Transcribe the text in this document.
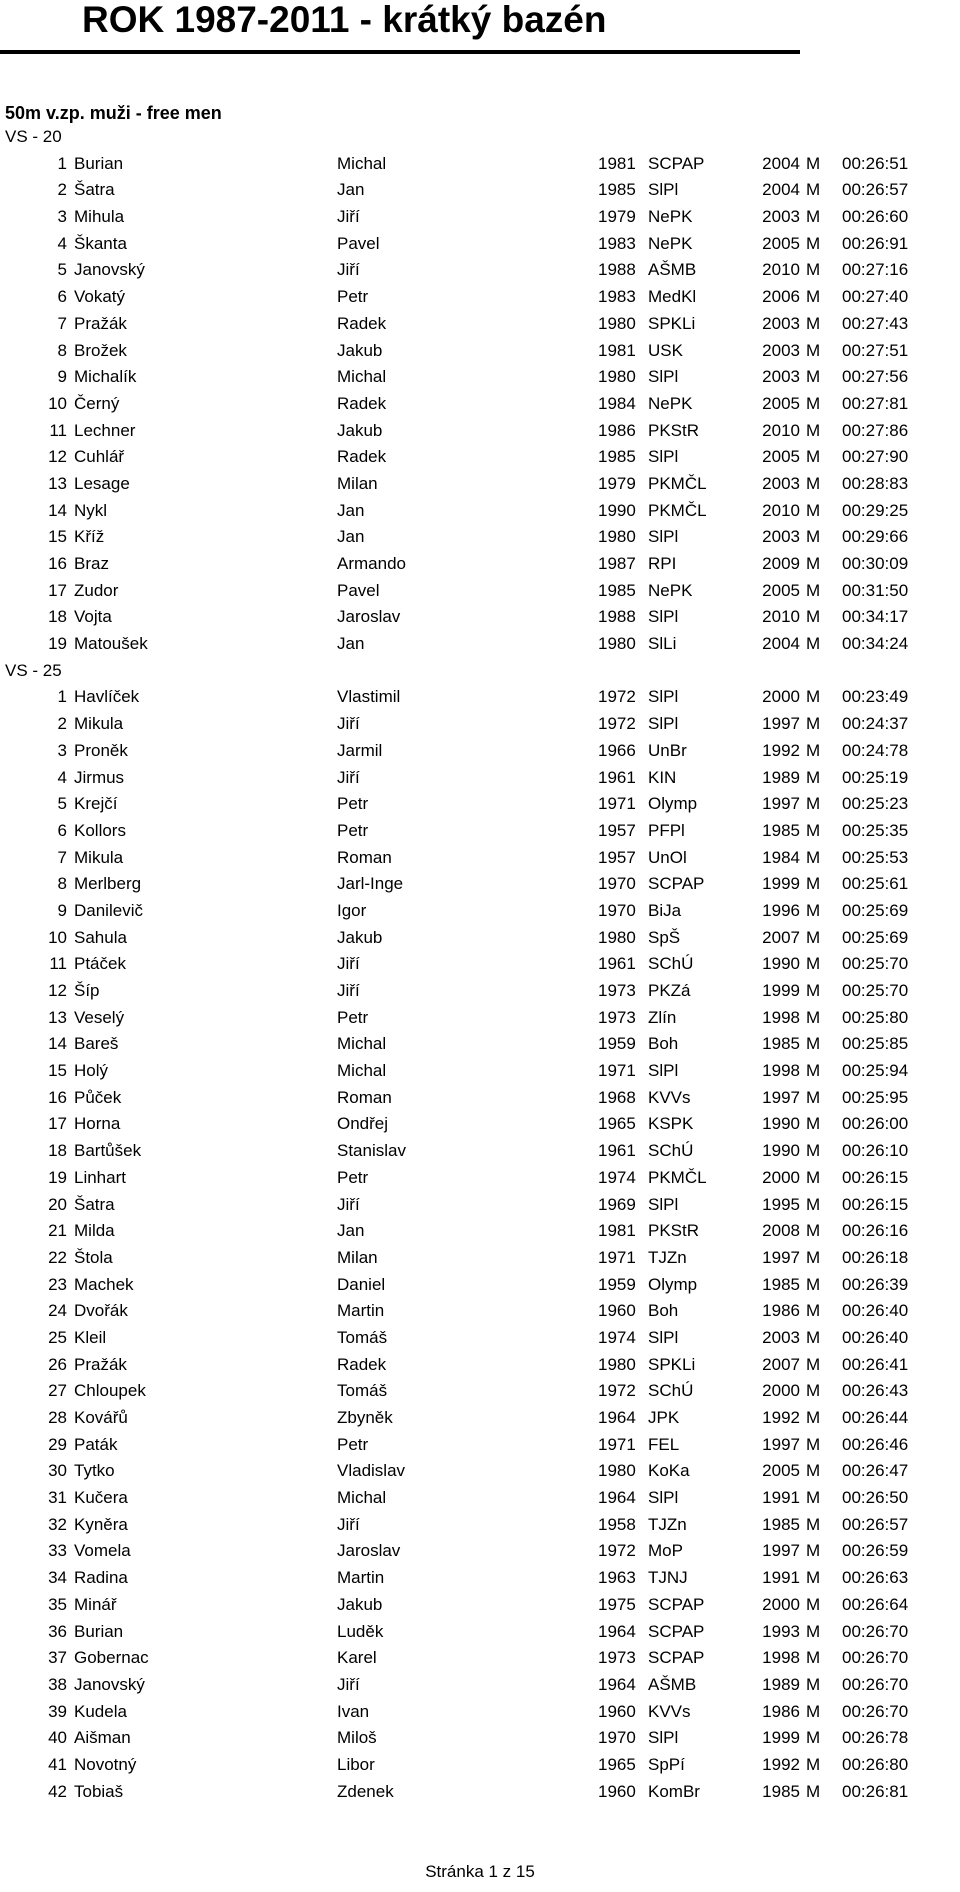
ROK 1987-2011 - krátký bazén
50m v.zp. muži - free men
VS - 20
1 Burian	Michal	1981 SCPAP	2004 M 00:26:51
2 Šatra	Jan	1985 SlPl	2004 M 00:26:57
3 Mihula	Jiří	1979 NePK	2003 M 00:26:60
4 Škanta	Pavel	1983 NePK	2005 M 00:26:91
5 Janovský	Jiří	1988 AŠMB	2010 M 00:27:16
6 Vokatý	Petr	1983 MedKl	2006 M 00:27:40
7 Pražák	Radek	1980 SPKLi	2003 M 00:27:43
8 Brožek	Jakub	1981 USK	2003 M 00:27:51
9 Michalík	Michal	1980 SlPl	2003 M 00:27:56
10 Černý	Radek	1984 NePK	2005 M 00:27:81
11 Lechner	Jakub	1986 PKStR	2010 M 00:27:86
12 Cuhlář	Radek	1985 SlPl	2005 M 00:27:90
13 Lesage	Milan	1979 PKMČL	2003 M 00:28:83
14 Nykl	Jan	1990 PKMČL	2010 M 00:29:25
15 Kříž	Jan	1980 SlPl	2003 M 00:29:66
16 Braz	Armando	1987 RPI	2009 M 00:30:09
17 Zudor	Pavel	1985 NePK	2005 M 00:31:50
18 Vojta	Jaroslav	1988 SlPl	2010 M 00:34:17
19 Matoušek	Jan	1980 SlLi	2004 M 00:34:24
VS - 25
1 Havlíček	Vlastimil	1972 SlPl	2000 M 00:23:49
2 Mikula	Jiří	1972 SlPl	1997 M 00:24:37
3 Proněk	Jarmil	1966 UnBr	1992 M 00:24:78
4 Jirmus	Jiří	1961 KIN	1989 M 00:25:19
5 Krejčí	Petr	1971 Olymp	1997 M 00:25:23
6 Kollors	Petr	1957 PFPl	1985 M 00:25:35
7 Mikula	Roman	1957 UnOl	1984 M 00:25:53
8 Merlberg	Jarl-Inge	1970 SCPAP	1999 M 00:25:61
9 Danilevič	Igor	1970 BiJa	1996 M 00:25:69
10 Sahula	Jakub	1980 SpŠ	2007 M 00:25:69
11 Ptáček	Jiří	1961 SChÚ	1990 M 00:25:70
12 Šíp	Jiří	1973 PKZá	1999 M 00:25:70
13 Veselý	Petr	1973 Zlín	1998 M 00:25:80
14 Bareš	Michal	1959 Boh	1985 M 00:25:85
15 Holý	Michal	1971 SlPl	1998 M 00:25:94
16 Půček	Roman	1968 KVVs	1997 M 00:25:95
17 Horna	Ondřej	1965 KSPK	1990 M 00:26:00
18 Bartůšek	Stanislav	1961 SChÚ	1990 M 00:26:10
19 Linhart	Petr	1974 PKMČL	2000 M 00:26:15
20 Šatra	Jiří	1969 SlPl	1995 M 00:26:15
21 Milda	Jan	1981 PKStR	2008 M 00:26:16
22 Štola	Milan	1971 TJZn	1997 M 00:26:18
23 Machek	Daniel	1959 Olymp	1985 M 00:26:39
24 Dvořák	Martin	1960 Boh	1986 M 00:26:40
25 Kleil	Tomáš	1974 SlPl	2003 M 00:26:40
26 Pražák	Radek	1980 SPKLi	2007 M 00:26:41
27 Chloupek	Tomáš	1972 SChÚ	2000 M 00:26:43
28 Kovářů	Zbyněk	1964 JPK	1992 M 00:26:44
29 Paták	Petr	1971 FEL	1997 M 00:26:46
30 Tytko	Vladislav	1980 KoKa	2005 M 00:26:47
31 Kučera	Michal	1964 SlPl	1991 M 00:26:50
32 Kyněra	Jiří	1958 TJZn	1985 M 00:26:57
33 Vomela	Jaroslav	1972 MoP	1997 M 00:26:59
34 Radina	Martin	1963 TJNJ	1991 M 00:26:63
35 Minář	Jakub	1975 SCPAP	2000 M 00:26:64
36 Burian	Luděk	1964 SCPAP	1993 M 00:26:70
37 Gobernac	Karel	1973 SCPAP	1998 M 00:26:70
38 Janovský	Jiří	1964 AŠMB	1989 M 00:26:70
39 Kudela	Ivan	1960 KVVs	1986 M 00:26:70
40 Aišman	Miloš	1970 SlPl	1999 M 00:26:78
41 Novotný	Libor	1965 SpPí	1992 M 00:26:80
42 Tobiaš	Zdenek	1960 KomBr	1985 M 00:26:81
Stránka 1 z 15
